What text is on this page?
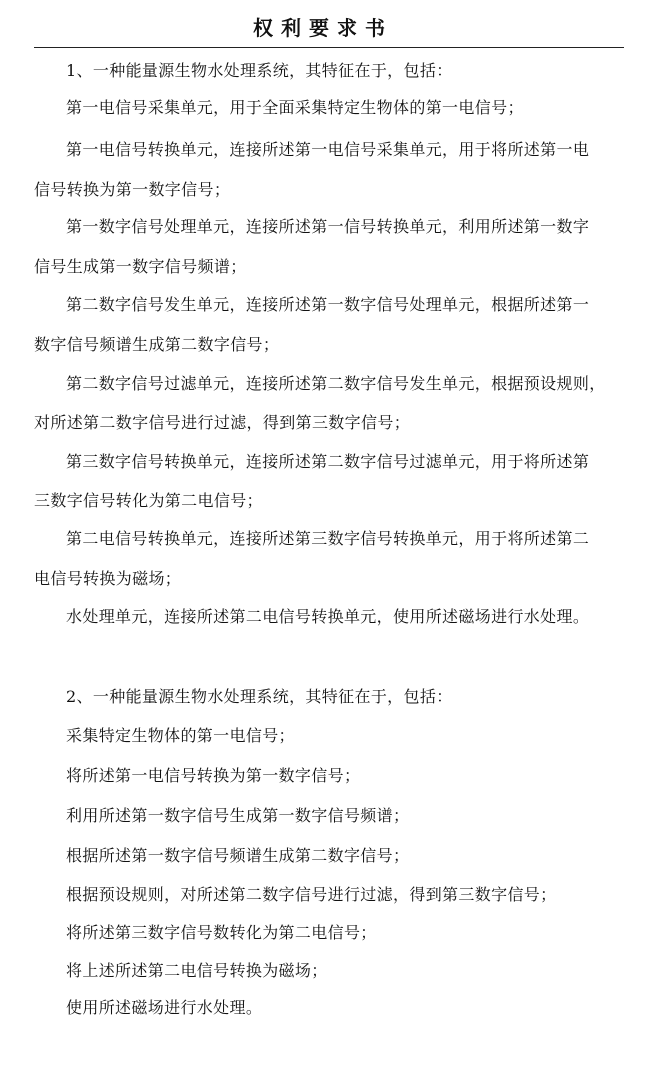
权利要求书
1、一种能量源生物水处理系统，其特征在于，包括：
第一电信号采集单元，用于全面采集特定生物体的第一电信号；
第一电信号转换单元，连接所述第一电信号采集单元，用于将所述第一电
信号转换为第一数字信号；
第一数字信号处理单元，连接所述第一信号转换单元，利用所述第一数字
信号生成第一数字信号频谱；
第二数字信号发生单元，连接所述第一数字信号处理单元，根据所述第一
数字信号频谱生成第二数字信号；
第二数字信号过滤单元，连接所述第二数字信号发生单元，根据预设规则，
对所述第二数字信号进行过滤，得到第三数字信号；
第三数字信号转换单元，连接所述第二数字信号过滤单元，用于将所述第
三数字信号转化为第二电信号；
第二电信号转换单元，连接所述第三数字信号转换单元，用于将所述第二
电信号转换为磁场；
水处理单元，连接所述第二电信号转换单元，使用所述磁场进行水处理。
2、一种能量源生物水处理系统，其特征在于，包括：
采集特定生物体的第一电信号；
将所述第一电信号转换为第一数字信号；
利用所述第一数字信号生成第一数字信号频谱；
根据所述第一数字信号频谱生成第二数字信号；
根据预设规则，对所述第二数字信号进行过滤，得到第三数字信号；
将所述第三数字信号数转化为第二电信号；
将上述所述第二电信号转换为磁场；
使用所述磁场进行水处理。
